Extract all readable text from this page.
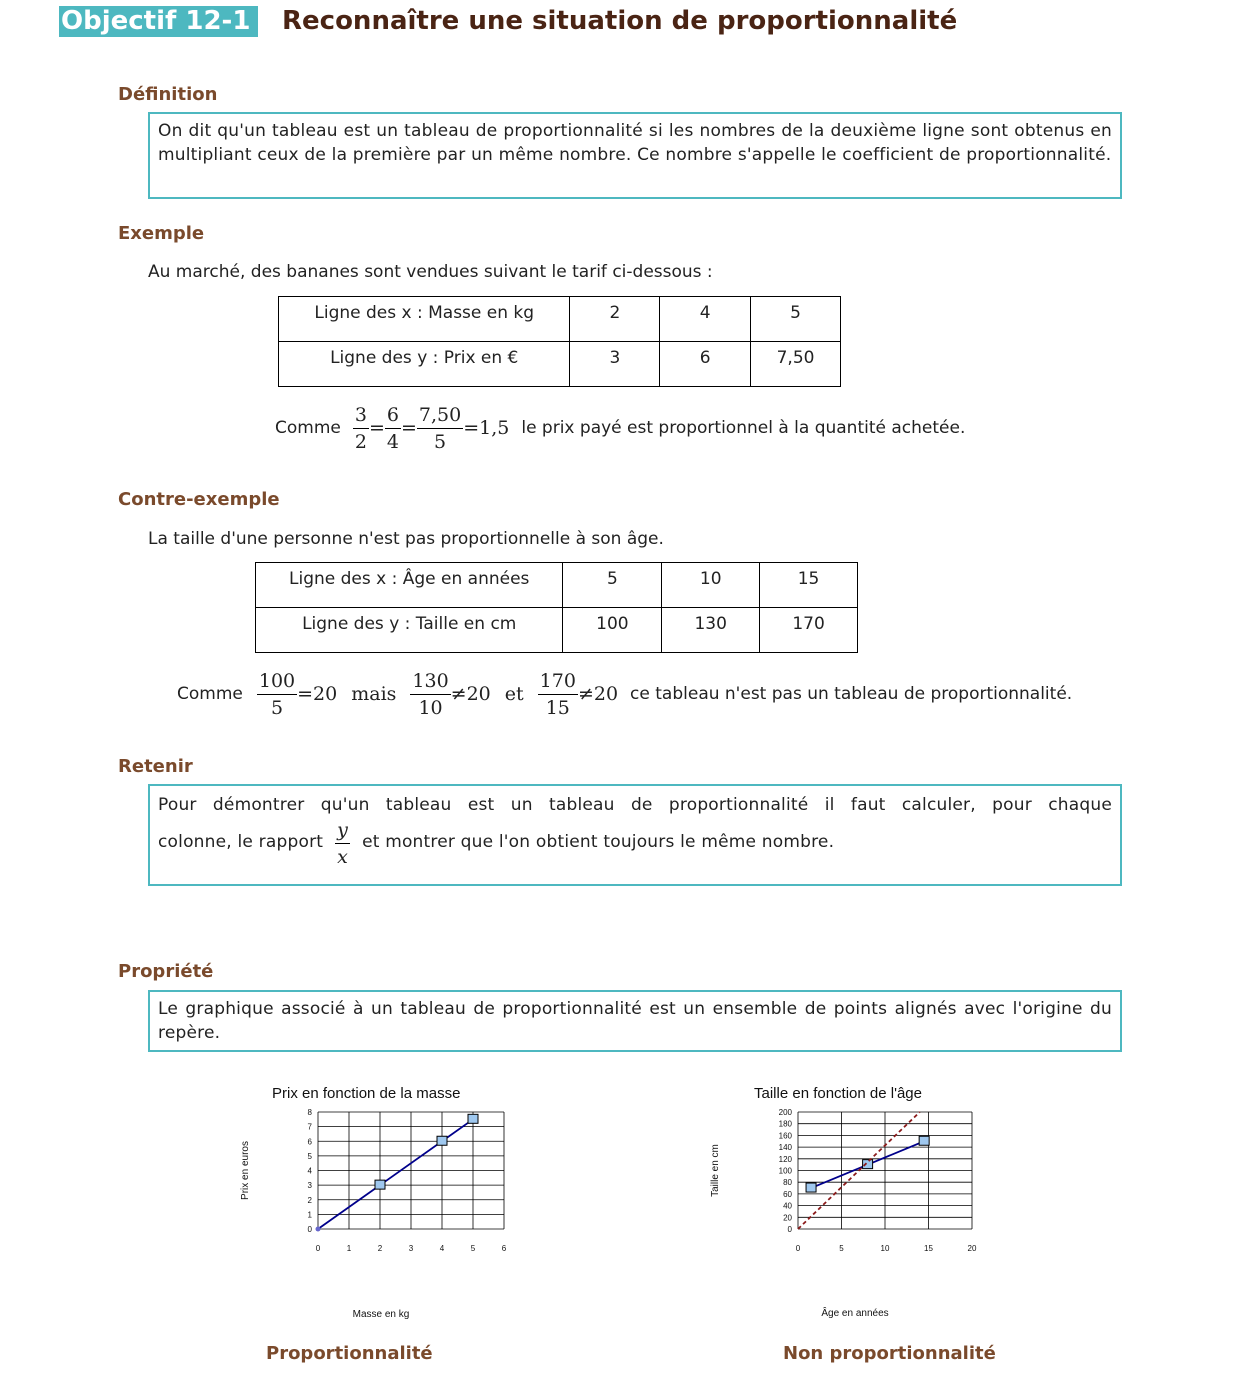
Objectif 12-1	Reconnaître une situation de proportionnalité
Définition
On dit qu'un tableau est un tableau de proportionnalité si les nombres de la deuxième ligne sont obtenus en multipliant ceux de la première par un même nombre. Ce nombre s'appelle le coefficient de proportionnalité.
Exemple
Au marché, des bananes sont vendues suivant le tarif ci-dessous :
Ligne des x : Masse en kg	2	4	5
Ligne des y : Prix en €	3	6	7,50
Comme $\frac{3}{2} = \frac{6}{4} = \frac{7,50}{5} =1,5$ le prix payé est proportionnel à la quantité achetée.
Contre-exemple
La taille d'une personne n'est pas proportionnelle à son âge.
Ligne des x : Âge en années	5	10	15
Ligne des y : Taille en cm	100	130	170
Comme $\frac{100}{5} =20$ mais $\frac{130}{10} \ne 20$ et $\frac{170}{15} \ne 20$ ce tableau n'est pas un tableau de proportionnalité.
Retenir
Pour démontrer qu'un tableau est un tableau de proportionnalité il faut calculer, pour chaque
colonne, le rapport $\frac{y}{x}$ et montrer que l'on obtient toujours le même nombre.
Propriété
Le graphique associé à un tableau de proportionnalité est un ensemble de points alignés avec l'origine du repère.
Prix en fonction de la masse
0
1
2
3
4
5
6
7
8
0	1	2	3	4	5	6
Masse en kg
Prix en euros
Taille en fonction de l'âge
0
20
40
60
80
100
120
140
160
180
200
0	5	10	15	20
Âge en années
Taille en cm
Proportionnalité	Non proportionnalité
